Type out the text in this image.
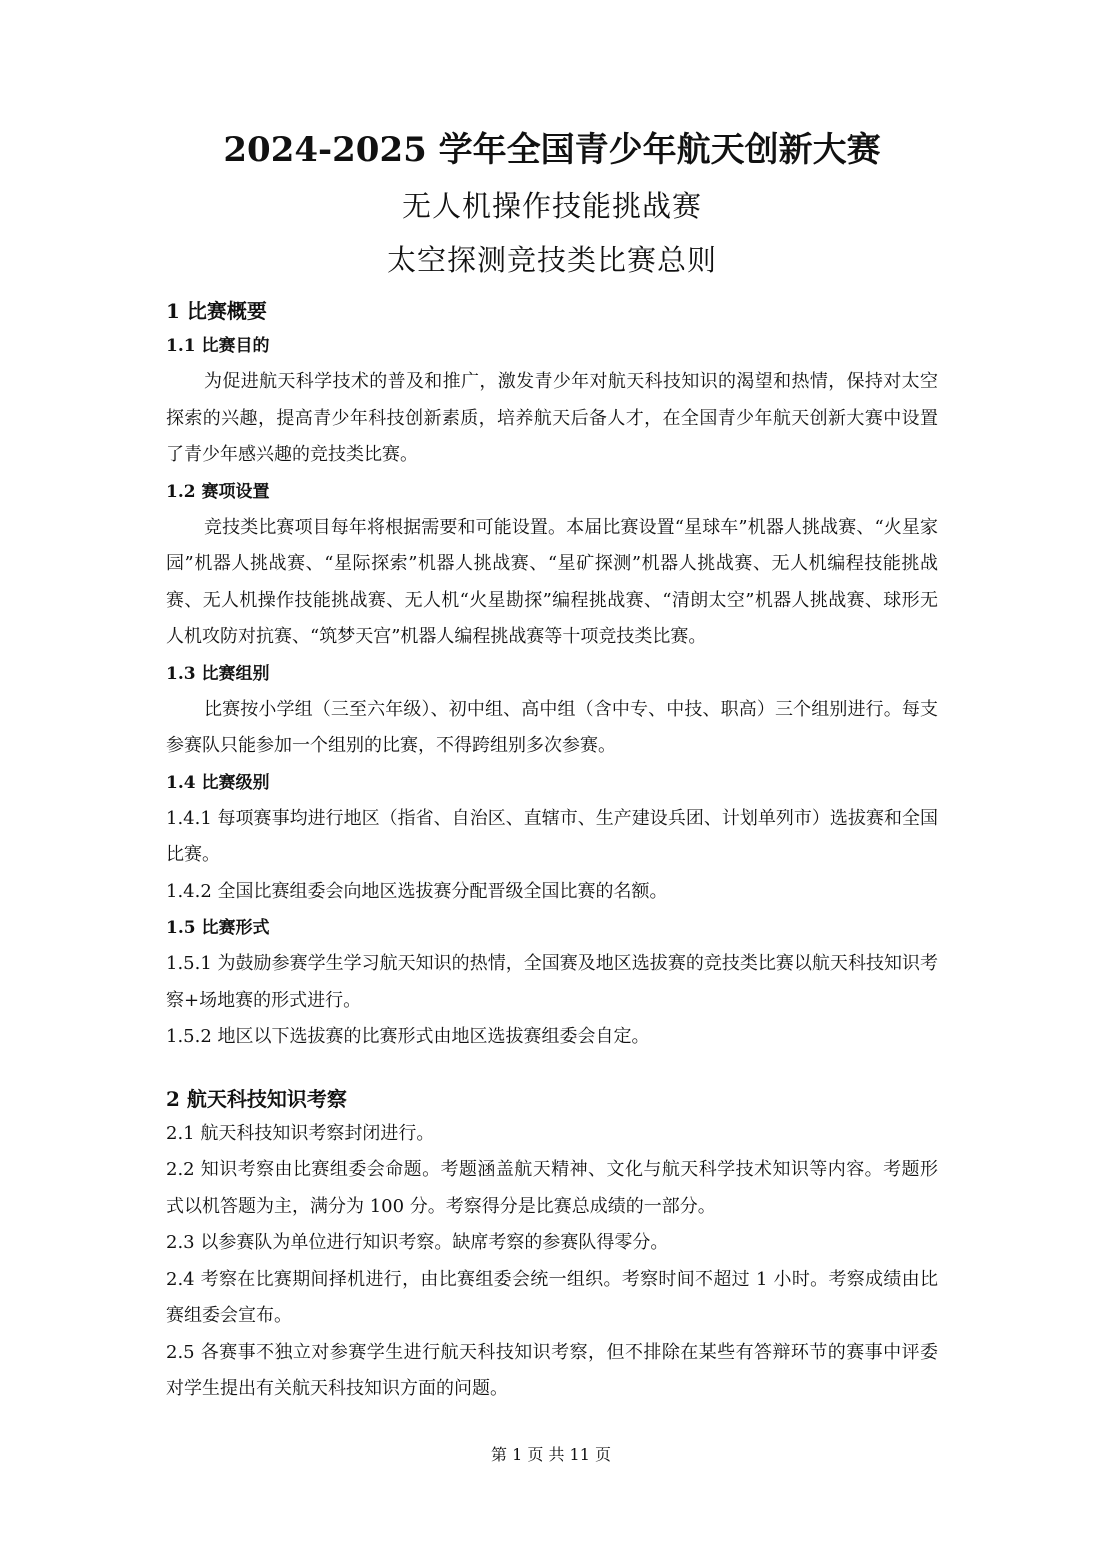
2024-2025 学年全国青少年航天创新大赛
无人机操作技能挑战赛
太空探测竞技类比赛总则
1 比赛概要
1.1 比赛目的

为促进航天科学技术的普及和推广，激发青少年对航天科技知识的渴望和热情，保持对太空探索的兴趣，提高青少年科技创新素质，培养航天后备人才，在全国青少年航天创新大赛中设置了青少年感兴趣的竞技类比赛。

1.2 赛项设置

竞技类比赛项目每年将根据需要和可能设置。本届比赛设置“星球车”机器人挑战赛、“火星家园”机器人挑战赛、“星际探索”机器人挑战赛、“星矿探测”机器人挑战赛、无人机编程技能挑战赛、无人机操作技能挑战赛、无人机“火星勘探”编程挑战赛、“清朗太空”机器人挑战赛、球形无人机攻防对抗赛、“筑梦天宫”机器人编程挑战赛等十项竞技类比赛。

1.3 比赛组别

比赛按小学组（三至六年级）、初中组、高中组（含中专、中技、职高）三个组别进行。每支参赛队只能参加一个组别的比赛，不得跨组别多次参赛。

1.4 比赛级别

1.4.1 每项赛事均进行地区（指省、自治区、直辖市、生产建设兵团、计划单列市）选拔赛和全国比赛。

1.4.2 全国比赛组委会向地区选拔赛分配晋级全国比赛的名额。

1.5 比赛形式

1.5.1 为鼓励参赛学生学习航天知识的热情，全国赛及地区选拔赛的竞技类比赛以航天科技知识考察+场地赛的形式进行。

1.5.2 地区以下选拔赛的比赛形式由地区选拔赛组委会自定。

2 航天科技知识考察

2.1 航天科技知识考察封闭进行。

2.2 知识考察由比赛组委会命题。考题涵盖航天精神、文化与航天科学技术知识等内容。考题形式以机答题为主，满分为 100 分。考察得分是比赛总成绩的一部分。

2.3 以参赛队为单位进行知识考察。缺席考察的参赛队得零分。

2.4 考察在比赛期间择机进行，由比赛组委会统一组织。考察时间不超过 1 小时。考察成绩由比赛组委会宣布。

2.5 各赛事不独立对参赛学生进行航天科技知识考察，但不排除在某些有答辩环节的赛事中评委对学生提出有关航天科技知识方面的问题。

第 1 页 共 11 页
